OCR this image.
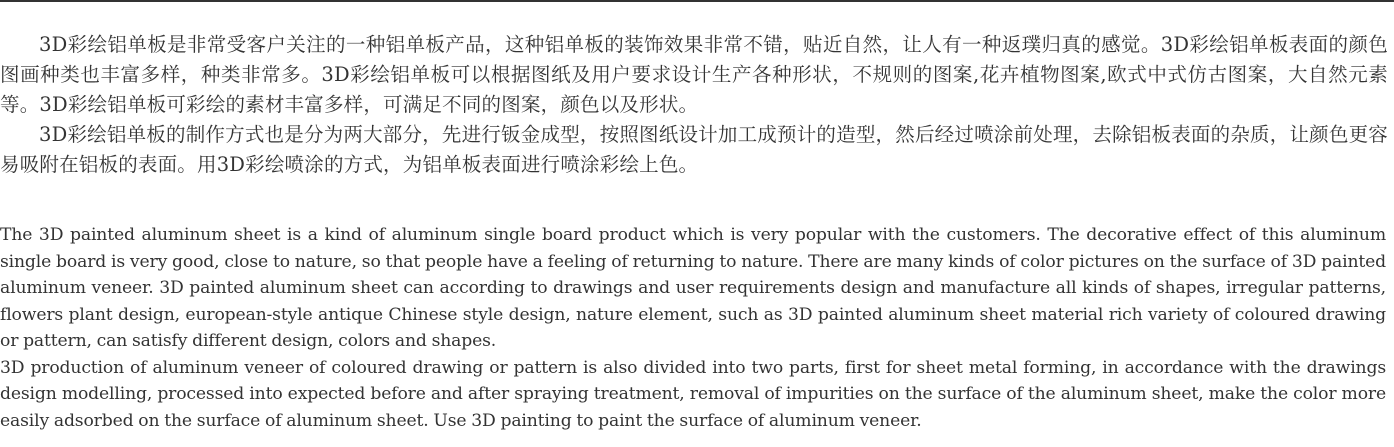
3D彩绘铝单板是非常受客户关注的一种铝单板产品，这种铝单板的装饰效果非常不错，贴近自然，让人有一种返璞归真的感觉。3D彩绘铝单板表面的颜色图画种类也丰富多样，种类非常多。3D彩绘铝单板可以根据图纸及用户要求设计生产各种形状，不规则的图案,花卉植物图案,欧式中式仿古图案，大自然元素等。3D彩绘铝单板可彩绘的素材丰富多样，可满足不同的图案，颜色以及形状。

3D彩绘铝单板的制作方式也是分为两大部分，先进行钣金成型，按照图纸设计加工成预计的造型，然后经过喷涂前处理，去除铝板表面的杂质，让颜色更容易吸附在铝板的表面。用3D彩绘喷涂的方式，为铝单板表面进行喷涂彩绘上色。

The 3D painted aluminum sheet is a kind of aluminum single board product which is very popular with the customers. The decorative effect of this aluminum single board is very good, close to nature, so that people have a feeling of returning to nature. There are many kinds of color pictures on the surface of 3D painted aluminum veneer. 3D painted aluminum sheet can according to drawings and user requirements design and manufacture all kinds of shapes, irregular patterns, flowers plant design, european-style antique Chinese style design, nature element, such as 3D painted aluminum sheet material rich variety of coloured drawing or pattern, can satisfy different design, colors and shapes.

3D production of aluminum veneer of coloured drawing or pattern is also divided into two parts, first for sheet metal forming, in accordance with the drawings design modelling, processed into expected before and after spraying treatment, removal of impurities on the surface of the aluminum sheet, make the color more easily adsorbed on the surface of aluminum sheet. Use 3D painting to paint the surface of aluminum veneer.
